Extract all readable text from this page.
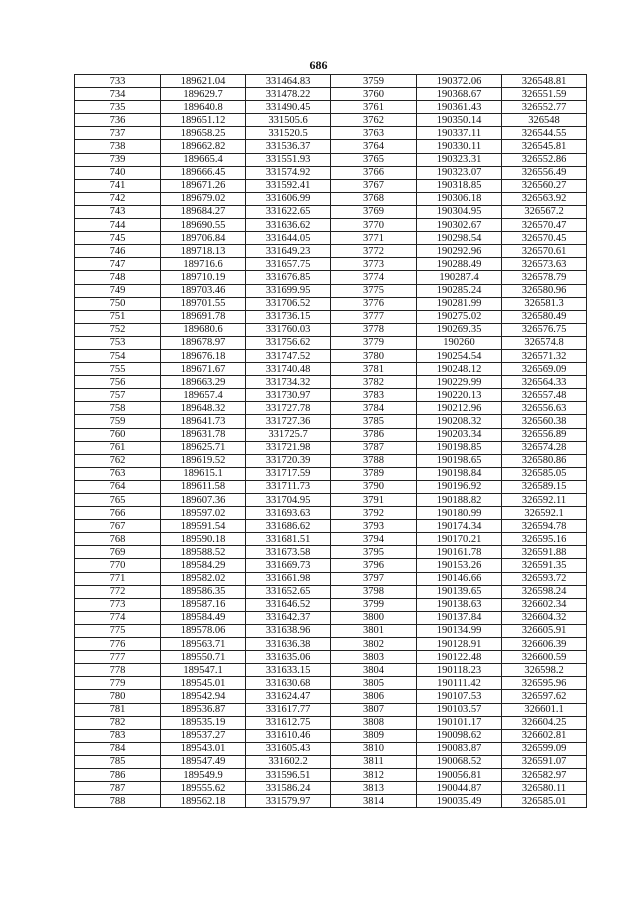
686
733	189621.04	331464.83	3759	190372.06	326548.81
734	189629.7	331478.22	3760	190368.67	326551.59
735	189640.8	331490.45	3761	190361.43	326552.77
736	189651.12	331505.6	3762	190350.14	326548
737	189658.25	331520.5	3763	190337.11	326544.55
738	189662.82	331536.37	3764	190330.11	326545.81
739	189665.4	331551.93	3765	190323.31	326552.86
740	189666.45	331574.92	3766	190323.07	326556.49
741	189671.26	331592.41	3767	190318.85	326560.27
742	189679.02	331606.99	3768	190306.18	326563.92
743	189684.27	331622.65	3769	190304.95	326567.2
744	189690.55	331636.62	3770	190302.67	326570.47
745	189706.84	331644.05	3771	190298.54	326570.45
746	189718.13	331649.23	3772	190292.96	326570.61
747	189716.6	331657.75	3773	190288.49	326573.63
748	189710.19	331676.85	3774	190287.4	326578.79
749	189703.46	331699.95	3775	190285.24	326580.96
750	189701.55	331706.52	3776	190281.99	326581.3
751	189691.78	331736.15	3777	190275.02	326580.49
752	189680.6	331760.03	3778	190269.35	326576.75
753	189678.97	331756.62	3779	190260	326574.8
754	189676.18	331747.52	3780	190254.54	326571.32
755	189671.67	331740.48	3781	190248.12	326569.09
756	189663.29	331734.32	3782	190229.99	326564.33
757	189657.4	331730.97	3783	190220.13	326557.48
758	189648.32	331727.78	3784	190212.96	326556.63
759	189641.73	331727.36	3785	190208.32	326560.38
760	189631.78	331725.7	3786	190203.34	326556.89
761	189625.71	331721.98	3787	190198.85	326574.28
762	189619.52	331720.39	3788	190198.65	326580.86
763	189615.1	331717.59	3789	190198.84	326585.05
764	189611.58	331711.73	3790	190196.92	326589.15
765	189607.36	331704.95	3791	190188.82	326592.11
766	189597.02	331693.63	3792	190180.99	326592.1
767	189591.54	331686.62	3793	190174.34	326594.78
768	189590.18	331681.51	3794	190170.21	326595.16
769	189588.52	331673.58	3795	190161.78	326591.88
770	189584.29	331669.73	3796	190153.26	326591.35
771	189582.02	331661.98	3797	190146.66	326593.72
772	189586.35	331652.65	3798	190139.65	326598.24
773	189587.16	331646.52	3799	190138.63	326602.34
774	189584.49	331642.37	3800	190137.84	326604.32
775	189578.06	331638.96	3801	190134.99	326605.91
776	189563.71	331636.38	3802	190128.91	326606.39
777	189550.71	331635.06	3803	190122.48	326600.59
778	189547.1	331633.15	3804	190118.23	326598.2
779	189545.01	331630.68	3805	190111.42	326595.96
780	189542.94	331624.47	3806	190107.53	326597.62
781	189536.87	331617.77	3807	190103.57	326601.1
782	189535.19	331612.75	3808	190101.17	326604.25
783	189537.27	331610.46	3809	190098.62	326602.81
784	189543.01	331605.43	3810	190083.87	326599.09
785	189547.49	331602.2	3811	190068.52	326591.07
786	189549.9	331596.51	3812	190056.81	326582.97
787	189555.62	331586.24	3813	190044.87	326580.11
788	189562.18	331579.97	3814	190035.49	326585.01
